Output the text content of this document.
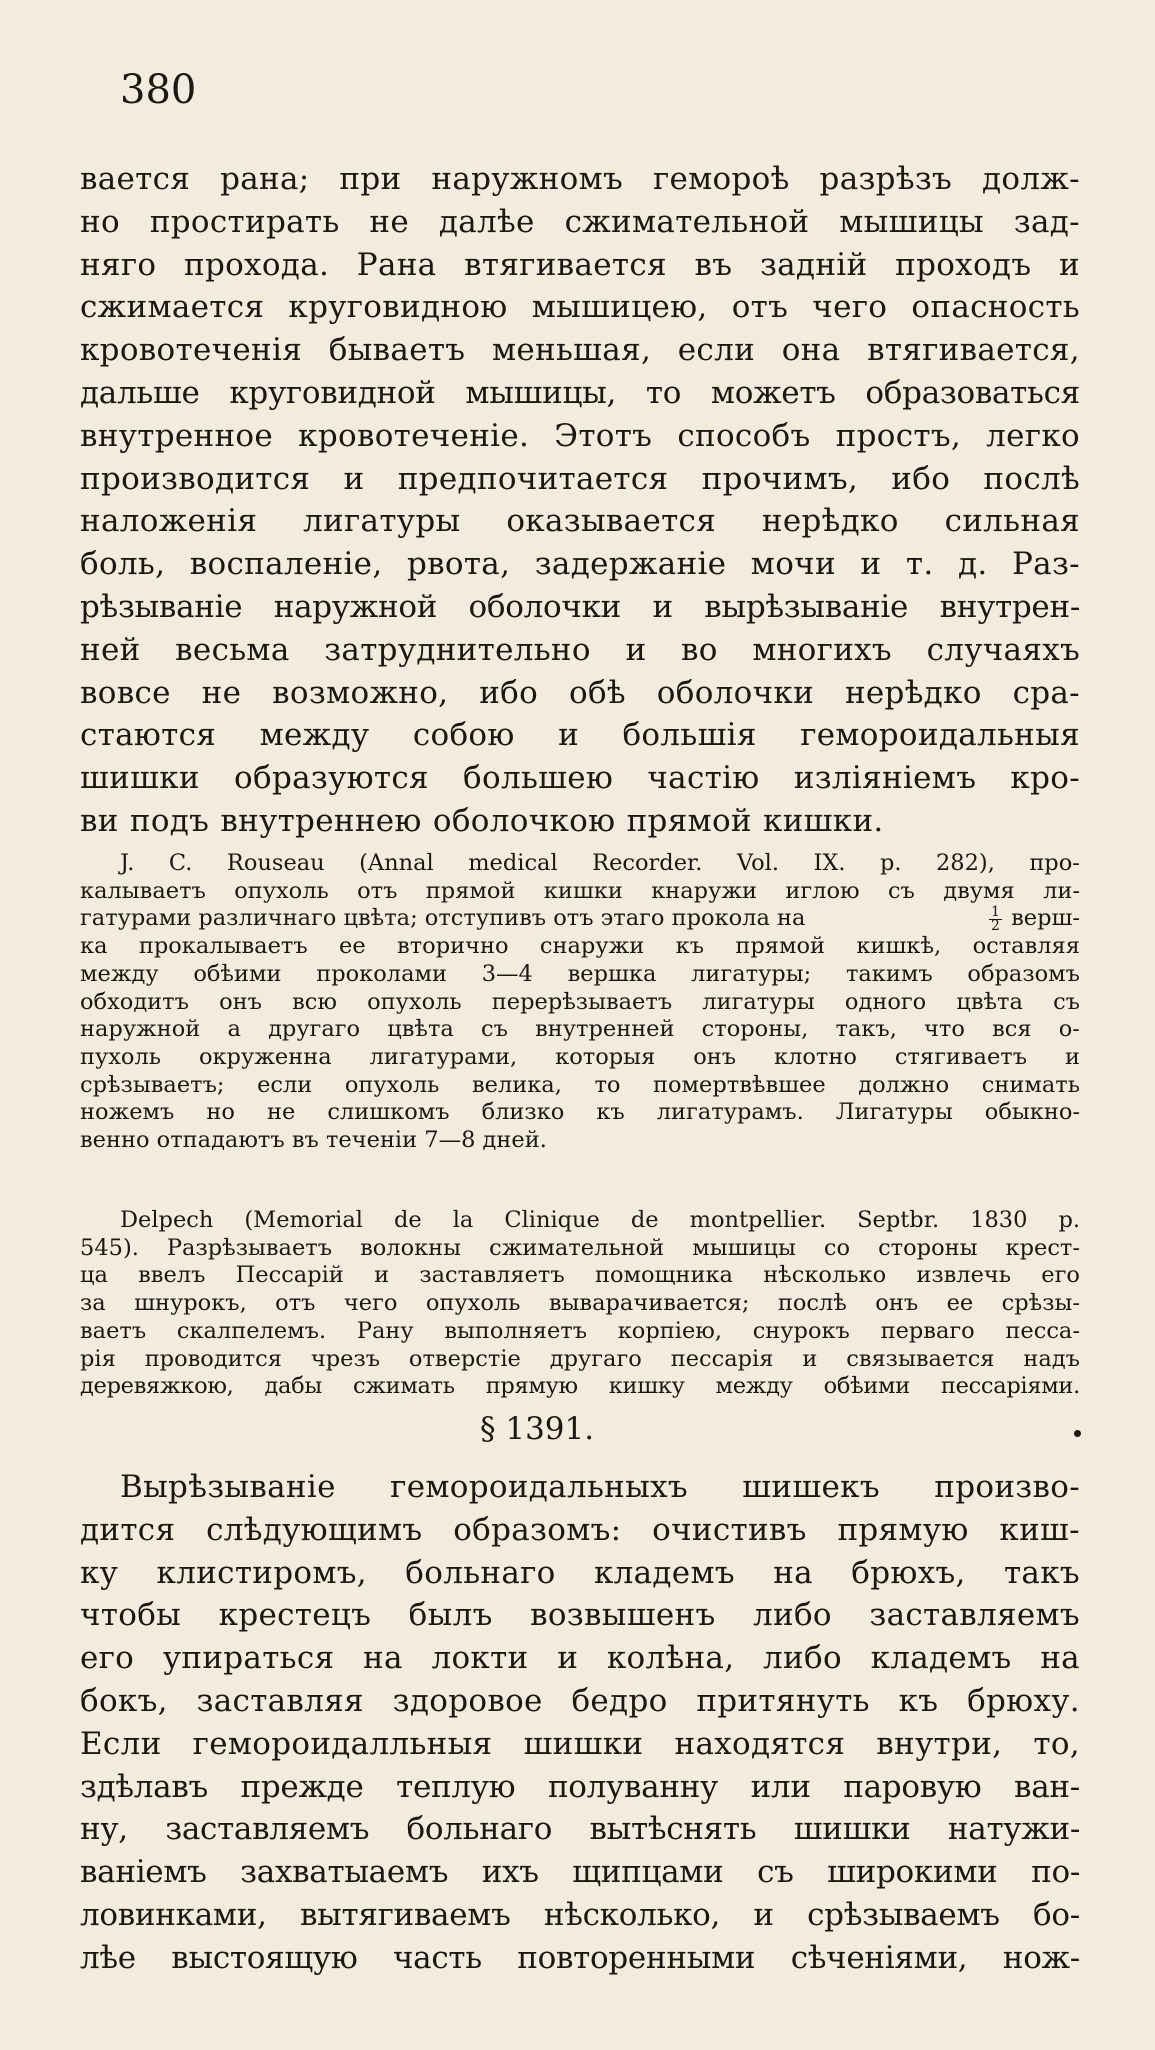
380
вается рана; при наружномъ гемороѣ разрѣзъ долж-
но простирать не далѣе сжимательной мышицы зад-
няго прохода. Рана втягивается въ заднiй проходъ и
сжимается круговидною мышицею, отъ чего опасность
кровотеченiя бываетъ меньшая, если она втягивается,
дальше круговидной мышицы, то можетъ образоваться
внутренное кровотеченiе. Этотъ способъ простъ, легко
производится и предпочитается прочимъ, ибо послѣ
наложенiя лигатуры оказывается нерѣдко сильная
боль, воспаленiе, рвота, задержанiе мочи и т. д. Раз-
рѣзыванiе наружной оболочки и вырѣзыванiе внутрен-
ней весьма затруднительно и во многихъ случаяхъ
вовсе не возможно, ибо обѣ оболочки нерѣдко сра-
стаются между собою и большiя гемороидальныя
шишки образуются большею частiю излiянiемъ кро-
ви подъ внутреннею оболочкою прямой кишки.
J. C. Rouseau (Annal medical Recorder. Vol. IX. p. 282), про-
калываетъ опухоль отъ прямой кишки кнаружи иглою съ двумя ли-
гатурами различнаго цвѣта; отступивъ отъ этаго прокола на	$\frac{1}{2}$ верш-
ка прокалываетъ ее вторично снаружи къ прямой кишкѣ, оставляя
между обѣими проколами 3—4 вершка лигатуры; такимъ образомъ
обходитъ онъ всю опухоль перерѣзываетъ лигатуры одного цвѣта съ
наружной а другаго цвѣта съ внутренней стороны, такъ, что вся о-
пухоль окруженна лигатурами, которыя онъ клотно стягиваетъ и
срѣзываетъ; если опухоль велика, то помертвѣвшее должно снимать
ножемъ но не слишкомъ близко къ лигатурамъ. Лигатуры обыкно-
венно отпадаютъ въ теченiи 7—8 дней.
Delpech (Memorial de la Clinique de montpellier. Septbr. 1830 p.
545). Разрѣзываетъ волокны сжимательной мышицы со стороны крест-
ца ввелъ Пессарiй и заставляетъ помощника нѣсколько извлечь его
за шнурокъ, отъ чего опухоль выварачивается; послѣ онъ ее срѣзы-
ваетъ скалпелемъ. Рану выполняетъ корпiею, снурокъ перваго песса-
рiя проводится чрезъ отверстiе другаго пессарiя и связывается надъ
деревяжкою, дабы сжимать прямую кишку между обѣими пессарiями.
§ 1391.
Вырѣзыванiе гемороидальныхъ шишекъ произво-
дится слѣдующимъ образомъ: очистивъ прямую киш-
ку клистиромъ, больнаго кладемъ на брюхъ, такъ
чтобы крестецъ былъ возвышенъ либо заставляемъ
его упираться на локти и колѣна, либо кладемъ на
бокъ, заставляя здоровое бедро притянуть къ брюху.
Если гемороидалльныя шишки находятся внутри, то,
здѣлавъ прежде теплую полуванну или паровую ван-
ну, заставляемъ больнаго вытѣснять шишки натужи-
ванiемъ захватыаемъ ихъ щипцами съ широкими по-
ловинками, вытягиваемъ нѣсколько, и срѣзываемъ бо-
лѣе выстоящую часть повторенными сѣченiями, нож-
